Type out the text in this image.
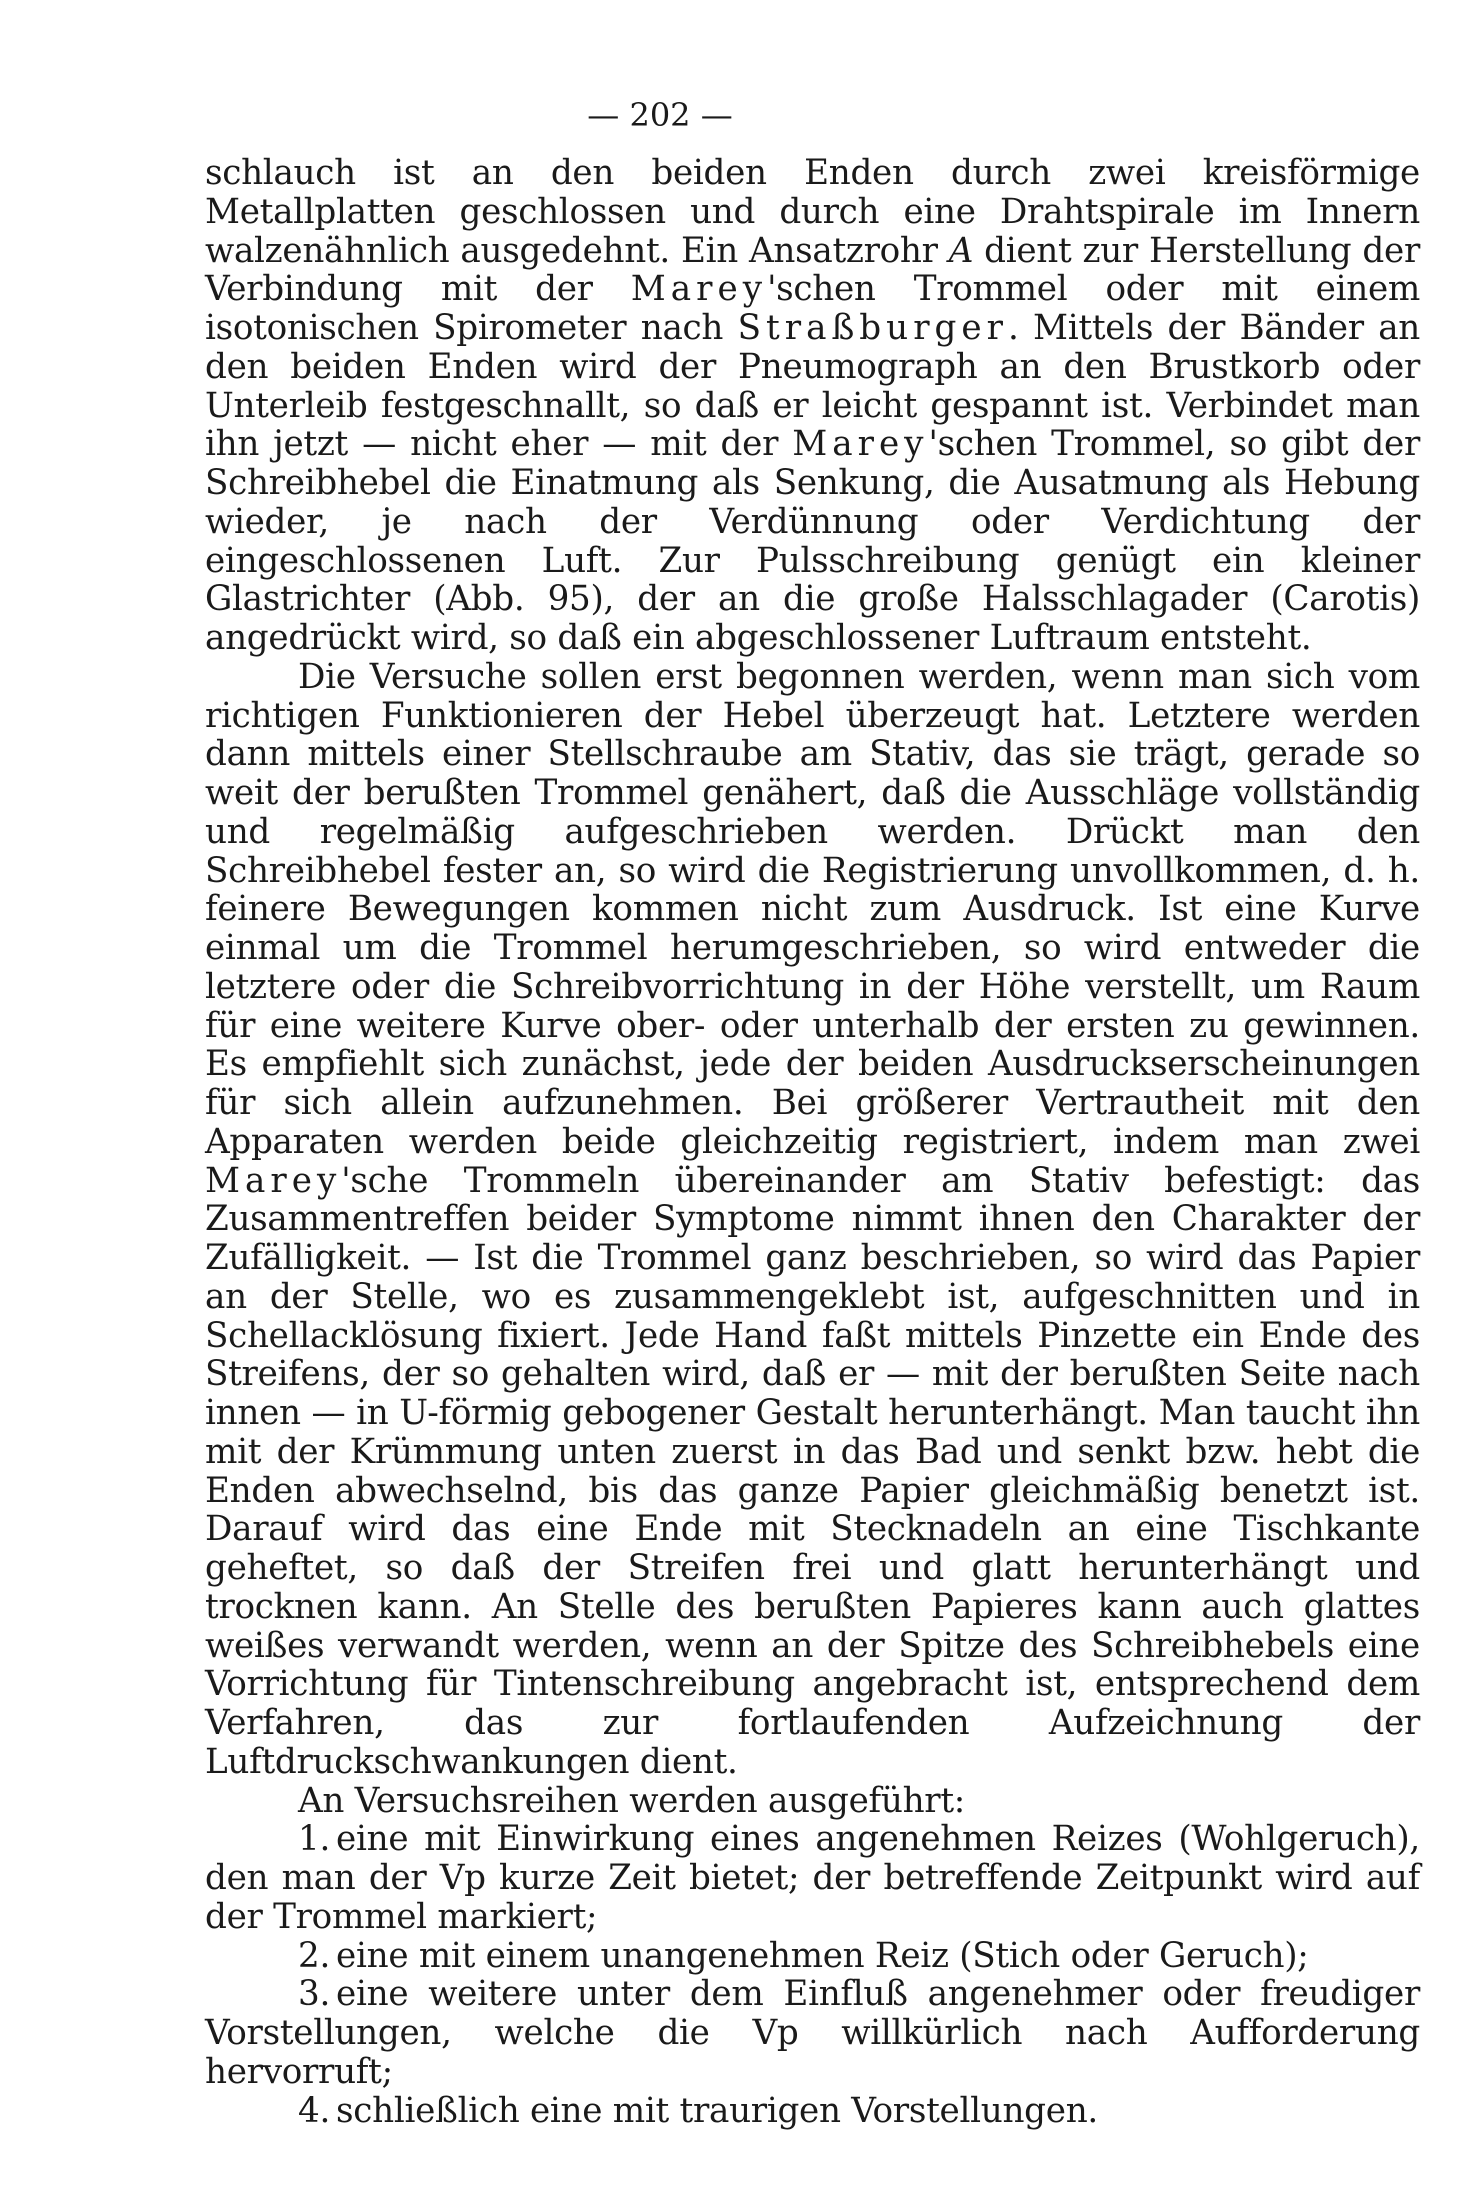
— 202 —

schlauch ist an den beiden Enden durch zwei kreisförmige Metallplatten geschlossen und durch eine Drahtspirale im Innern walzenähnlich ausgedehnt. Ein Ansatzrohr A dient zur Herstellung der Verbindung mit der Marey'schen Trommel oder mit einem isotonischen Spirometer nach Straßburger. Mittels der Bänder an den beiden Enden wird der Pneumograph an den Brustkorb oder Unterleib festgeschnallt, so daß er leicht gespannt ist. Verbindet man ihn jetzt — nicht eher — mit der Marey'schen Trommel, so gibt der Schreibhebel die Einatmung als Senkung, die Ausatmung als Hebung wieder, je nach der Verdünnung oder Verdichtung der eingeschlossenen Luft. Zur Pulsschreibung genügt ein kleiner Glastrichter (Abb. 95), der an die große Halsschlagader (Carotis) angedrückt wird, so daß ein abgeschlossener Luftraum entsteht.

Die Versuche sollen erst begonnen werden, wenn man sich vom richtigen Funktionieren der Hebel überzeugt hat. Letztere werden dann mittels einer Stellschraube am Stativ, das sie trägt, gerade so weit der berußten Trommel genähert, daß die Ausschläge vollständig und regelmäßig aufgeschrieben werden. Drückt man den Schreibhebel fester an, so wird die Registrierung unvollkommen, d. h. feinere Bewegungen kommen nicht zum Ausdruck. Ist eine Kurve einmal um die Trommel herumgeschrieben, so wird entweder die letztere oder die Schreibvorrichtung in der Höhe verstellt, um Raum für eine weitere Kurve ober- oder unterhalb der ersten zu gewinnen. Es empfiehlt sich zunächst, jede der beiden Ausdruckserscheinungen für sich allein aufzunehmen. Bei größerer Vertrautheit mit den Apparaten werden beide gleichzeitig registriert, indem man zwei Marey'sche Trommeln übereinander am Stativ befestigt: das Zusammentreffen beider Symptome nimmt ihnen den Charakter der Zufälligkeit. — Ist die Trommel ganz beschrieben, so wird das Papier an der Stelle, wo es zusammengeklebt ist, aufgeschnitten und in Schellacklösung fixiert. Jede Hand faßt mittels Pinzette ein Ende des Streifens, der so gehalten wird, daß er — mit der berußten Seite nach innen — in U-förmig gebogener Gestalt herunterhängt. Man taucht ihn mit der Krümmung unten zuerst in das Bad und senkt bzw. hebt die Enden abwechselnd, bis das ganze Papier gleichmäßig benetzt ist. Darauf wird das eine Ende mit Stecknadeln an eine Tischkante geheftet, so daß der Streifen frei und glatt herunterhängt und trocknen kann. An Stelle des berußten Papieres kann auch glattes weißes verwandt werden, wenn an der Spitze des Schreibhebels eine Vorrichtung für Tintenschreibung angebracht ist, entsprechend dem Verfahren, das zur fortlaufenden Aufzeichnung der Luftdruckschwankungen dient.

An Versuchsreihen werden ausgeführt:

1. eine mit Einwirkung eines angenehmen Reizes (Wohlgeruch), den man der Vp kurze Zeit bietet; der betreffende Zeitpunkt wird auf der Trommel markiert;
2. eine mit einem unangenehmen Reiz (Stich oder Geruch);
3. eine weitere unter dem Einfluß angenehmer oder freudiger Vorstellungen, welche die Vp willkürlich nach Aufforderung hervorruft;
4. schließlich eine mit traurigen Vorstellungen.
